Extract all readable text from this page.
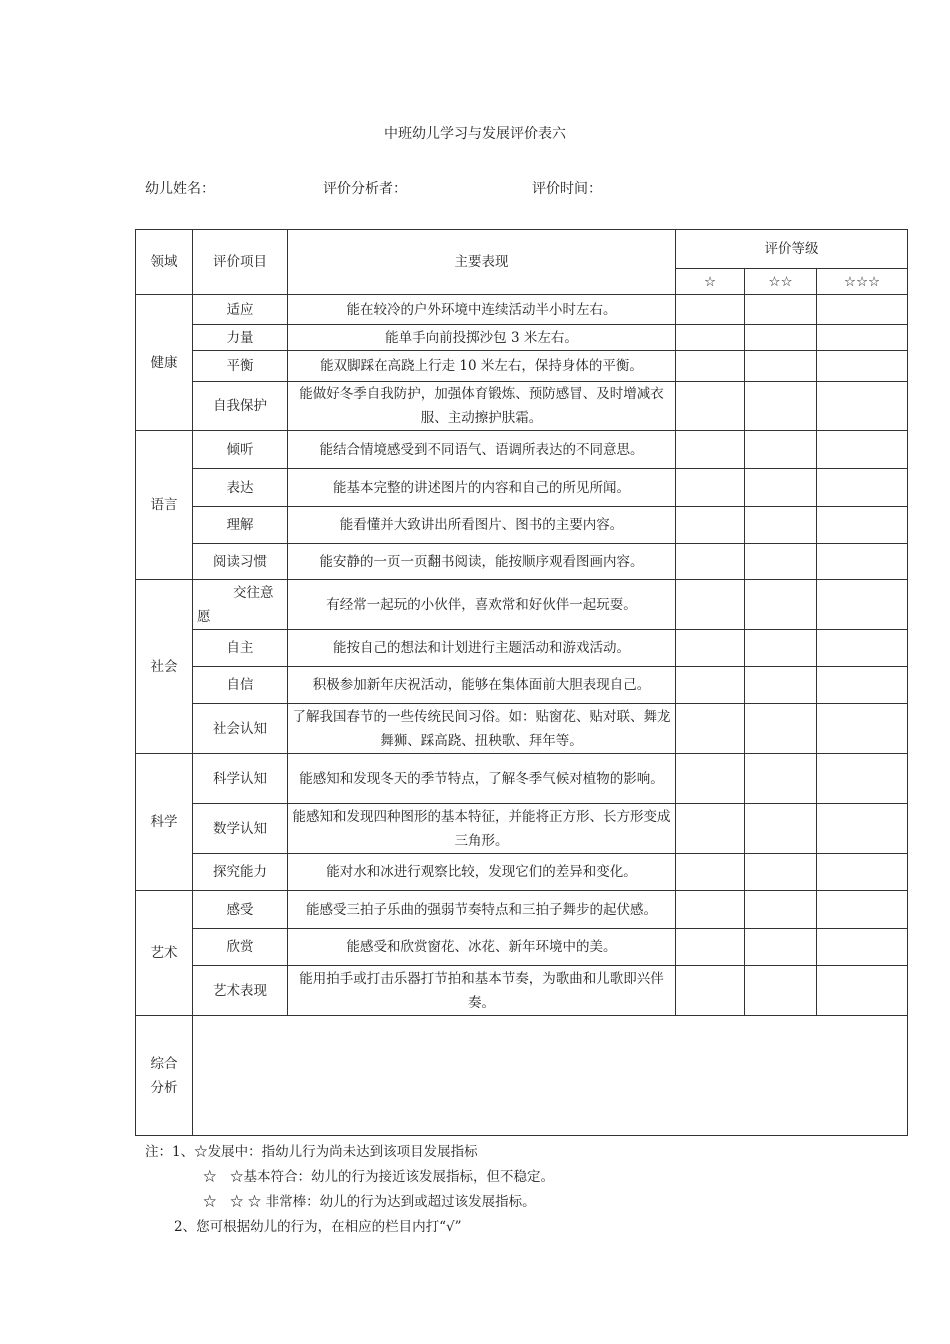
中班幼儿学习与发展评价表六
幼儿姓名：	评价分析者：	评价时间：
领域	评价项目	主要表现	评价等级		
			☆	☆☆	☆☆☆
健康	适应	能在较冷的户外环境中连续活动半小时左右。			
	力量	能单手向前投掷沙包 3 米左右。			
	平衡	能双脚踩在高跷上行走 10 米左右，保持身体的平衡。			
	自我保护	能做好冬季自我防护，加强体育锻炼、预防感冒、及时增减衣服、主动擦护肤霜。			
语言	倾听	能结合情境感受到不同语气、语调所表达的不同意思。			
	表达	能基本完整的讲述图片的内容和自己的所见所闻。			
	理解	能看懂并大致讲出所看图片、图书的主要内容。			
	阅读习惯	能安静的一页一页翻书阅读，能按顺序观看图画内容。			
社会	交往意愿	有经常一起玩的小伙伴，喜欢常和好伙伴一起玩耍。			
	自主	能按自己的想法和计划进行主题活动和游戏活动。			
	自信	积极参加新年庆祝活动，能够在集体面前大胆表现自己。			
	社会认知	了解我国春节的一些传统民间习俗。如：贴窗花、贴对联、舞龙舞狮、踩高跷、扭秧歌、拜年等。			
科学	科学认知	能感知和发现冬天的季节特点，了解冬季气候对植物的影响。			
	数学认知	能感知和发现四种图形的基本特征，并能将正方形、长方形变成三角形。			
	探究能力	能对水和冰进行观察比较，发现它们的差异和变化。			
艺术	感受	能感受三拍子乐曲的强弱节奏特点和三拍子舞步的起伏感。			
	欣赏	能感受和欣赏窗花、冰花、新年环境中的美。			
	艺术表现	能用拍手或打击乐器打节拍和基本节奏，为歌曲和儿歌即兴伴奏。			
综合分析					
注：1、☆发展中：指幼儿行为尚未达到该项目发展指标
☆　☆基本符合：幼儿的行为接近该发展指标，但不稳定。
☆　☆ ☆ 非常棒：幼儿的行为达到或超过该发展指标。
2、您可根据幼儿的行为，在相应的栏目内打“√”
